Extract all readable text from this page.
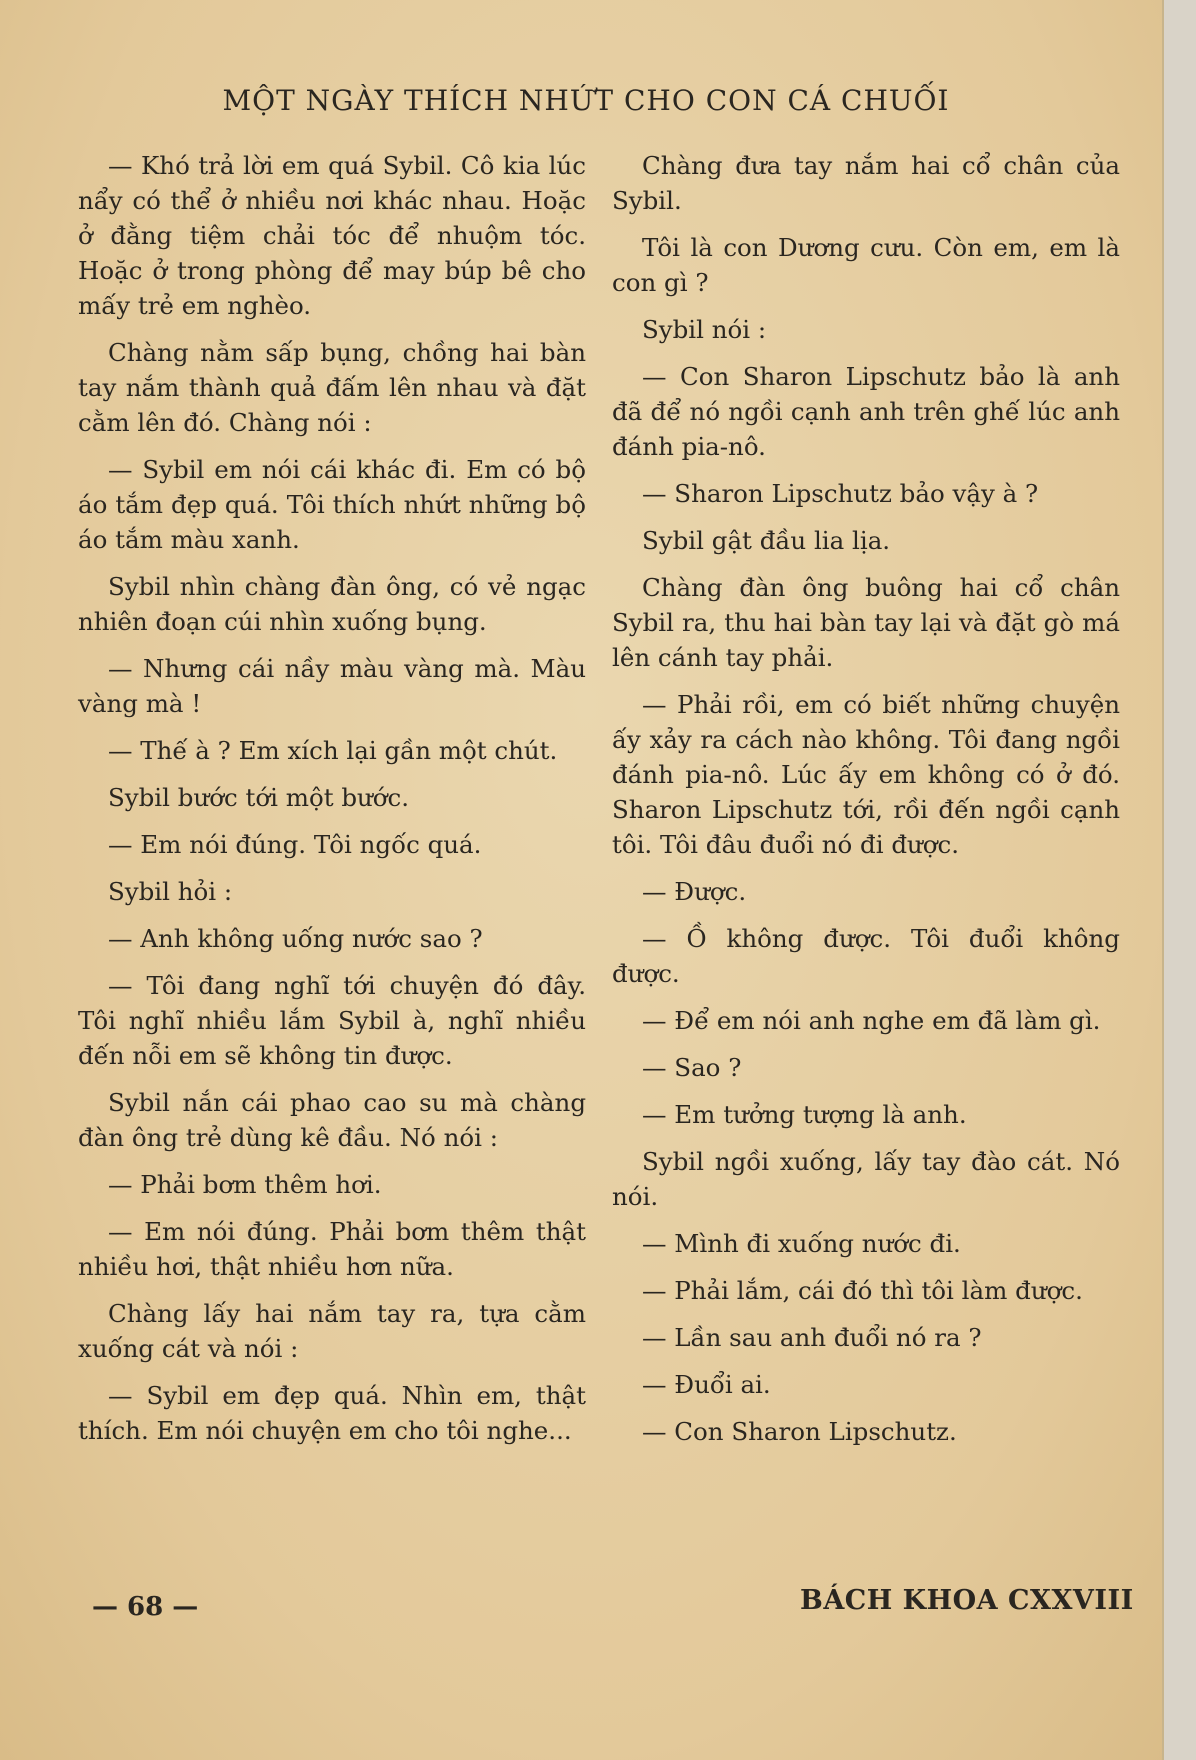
MỘT NGÀY THÍCH NHỨT CHO CON CÁ CHUỐI

— Khó trả lời em quá Sybil. Cô kia lúc nẩy có thể ở nhiều nơi khác nhau. Hoặc ở đằng tiệm chải tóc để nhuộm tóc. Hoặc ở trong phòng để may búp bê cho mấy trẻ em nghèo.

Chàng nằm sấp bụng, chồng hai bàn tay nắm thành quả đấm lên nhau và đặt cằm lên đó. Chàng nói :

— Sybil em nói cái khác đi. Em có bộ áo tắm đẹp quá. Tôi thích nhứt những bộ áo tắm màu xanh.

Sybil nhìn chàng đàn ông, có vẻ ngạc nhiên đoạn cúi nhìn xuống bụng.

— Nhưng cái nầy màu vàng mà. Màu vàng mà !

— Thế à ? Em xích lại gần một chút.

Sybil bước tới một bước.

— Em nói đúng. Tôi ngốc quá.

Sybil hỏi :

— Anh không uống nước sao ?

— Tôi đang nghĩ tới chuyện đó đây. Tôi nghĩ nhiều lắm Sybil à, nghĩ nhiều đến nỗi em sẽ không tin được.

Sybil nắn cái phao cao su mà chàng đàn ông trẻ dùng kê đầu. Nó nói :

— Phải bơm thêm hơi.

— Em nói đúng. Phải bơm thêm thật nhiều hơi, thật nhiều hơn nữa.

Chàng lấy hai nắm tay ra, tựa cằm xuống cát và nói :

— Sybil em đẹp quá. Nhìn em, thật thích. Em nói chuyện em cho tôi nghe...

Chàng đưa tay nắm hai cổ chân của Sybil.

Tôi là con Dương cưu. Còn em, em là con gì ?

Sybil nói :

— Con Sharon Lipschutz bảo là anh đã để nó ngồi cạnh anh trên ghế lúc anh đánh pia-nô.

— Sharon Lipschutz bảo vậy à ?

Sybil gật đầu lia lịa.

Chàng đàn ông buông hai cổ chân Sybil ra, thu hai bàn tay lại và đặt gò má lên cánh tay phải.

— Phải rồi, em có biết những chuyện ấy xảy ra cách nào không. Tôi đang ngồi đánh pia-nô. Lúc ấy em không có ở đó. Sharon Lipschutz tới, rồi đến ngồi cạnh tôi. Tôi đâu đuổi nó đi được.

— Được.

— Ồ không được. Tôi đuổi không được.

— Để em nói anh nghe em đã làm gì.

— Sao ?

— Em tưởng tượng là anh.

Sybil ngồi xuống, lấy tay đào cát. Nó nói.

— Mình đi xuống nước đi.

— Phải lắm, cái đó thì tôi làm được.

— Lần sau anh đuổi nó ra ?

— Đuổi ai.

— Con Sharon Lipschutz.

— 68 —	BÁCH KHOA CXXVIII
